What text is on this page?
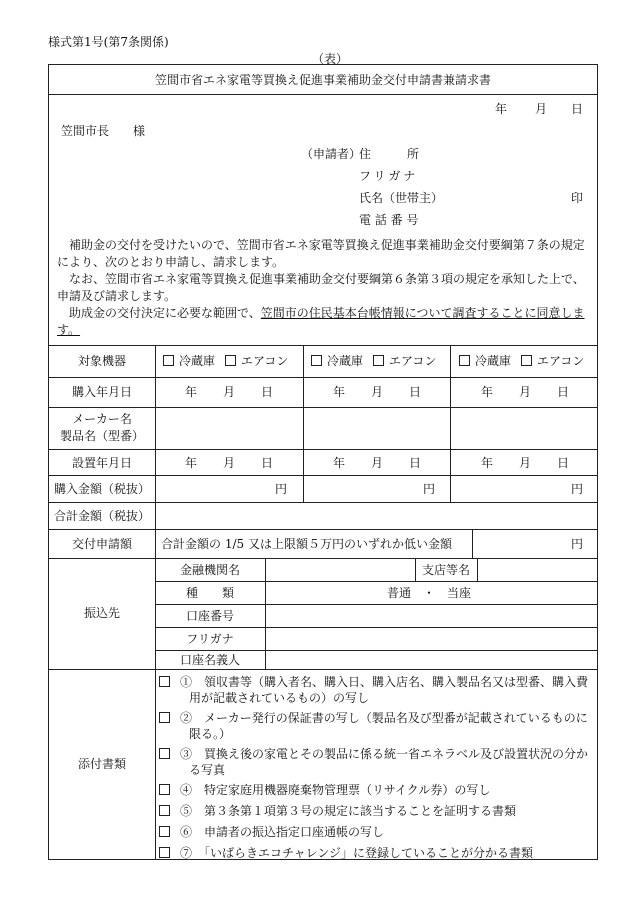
様式第1号(第7条関係)
（表）
笠間市省エネ家電等買換え促進事業補助金交付申請書兼請求書
年 月 日
笠間市長　　様
（申請者）
住　　　所
フリガナ
氏名（世帯主）	印
電 話 番 号
補助金の交付を受けたいので、笠間市省エネ家電等買換え促進事業補助金交付要綱第７条の規定により、次のとおり申請し、請求します。
なお、笠間市省エネ家電等買換え促進事業補助金交付要綱第６条第３項の規定を承知した上で、申請及び請求します。
助成金の交付決定に必要な範囲で、笠間市の住民基本台帳情報について調査することに同意します。
対象機器	冷蔵庫 エアコン	冷蔵庫 エアコン	冷蔵庫 エアコン
購入年月日	年 月 日	年 月 日	年 月 日
メーカー名
製品名（型番）
設置年月日	年 月 日	年 月 日	年 月 日
購入金額（税抜）	円	円	円
合計金額（税抜）
交付申請額	合計金額の 1/5 又は上限額５万円のいずれか低い金額	円
振込先
金融機関名	支店等名
種　　類	普通　・　当座
口座番号
フリガナ
口座名義人
添付書類
①　領収書等（購入者名、購入日、購入店名、購入製品名又は型番、購入費用が記載されているもの）の写し
②　メーカー発行の保証書の写し（製品名及び型番が記載されているものに限る。）
③　買換え後の家電とその製品に係る統一省エネラベル及び設置状況の分かる写真
④　特定家庭用機器廃棄物管理票（リサイクル券）の写し
⑤　第３条第１項第３号の規定に該当することを証明する書類
⑥　申請者の振込指定口座通帳の写し
⑦　「いばらきエコチャレンジ」に登録していることが分かる書類
